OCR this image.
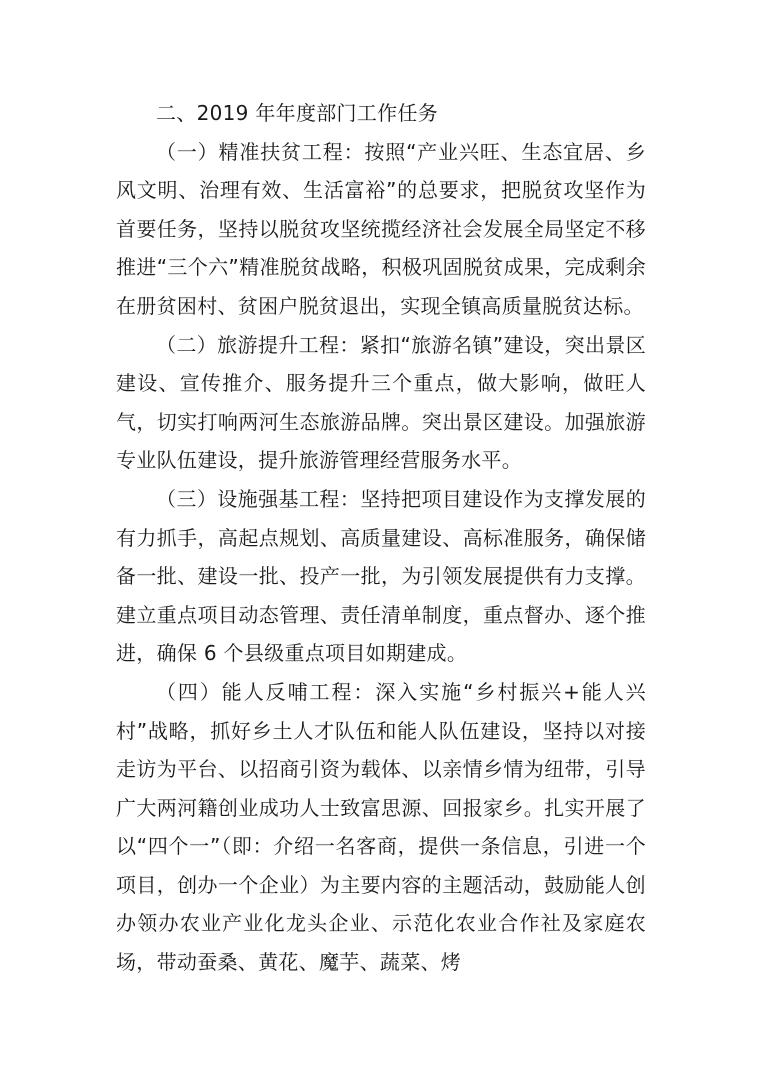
二、2019 年年度部门工作任务

（一）精准扶贫工程：按照“产业兴旺、生态宜居、乡风文明、治理有效、生活富裕”的总要求，把脱贫攻坚作为首要任务，坚持以脱贫攻坚统揽经济社会发展全局坚定不移推进“三个六”精准脱贫战略，积极巩固脱贫成果，完成剩余在册贫困村、贫困户脱贫退出，实现全镇高质量脱贫达标。

（二）旅游提升工程：紧扣“旅游名镇”建设，突出景区建设、宣传推介、服务提升三个重点，做大影响，做旺人气，切实打响两河生态旅游品牌。突出景区建设。加强旅游专业队伍建设，提升旅游管理经营服务水平。

（三）设施强基工程：坚持把项目建设作为支撑发展的有力抓手，高起点规划、高质量建设、高标准服务，确保储备一批、建设一批、投产一批，为引领发展提供有力支撑。建立重点项目动态管理、责任清单制度，重点督办、逐个推进，确保 6 个县级重点项目如期建成。

（四）能人反哺工程：深入实施“乡村振兴+能人兴村”战略，抓好乡土人才队伍和能人队伍建设，坚持以对接走访为平台、以招商引资为载体、以亲情乡情为纽带，引导广大两河籍创业成功人士致富思源、回报家乡。扎实开展了以“四个一”（即：介绍一名客商，提供一条信息，引进一个项目，创办一个企业）为主要内容的主题活动，鼓励能人创办领办农业产业化龙头企业、示范化农业合作社及家庭农场，带动蚕桑、黄花、魔芋、蔬菜、烤
